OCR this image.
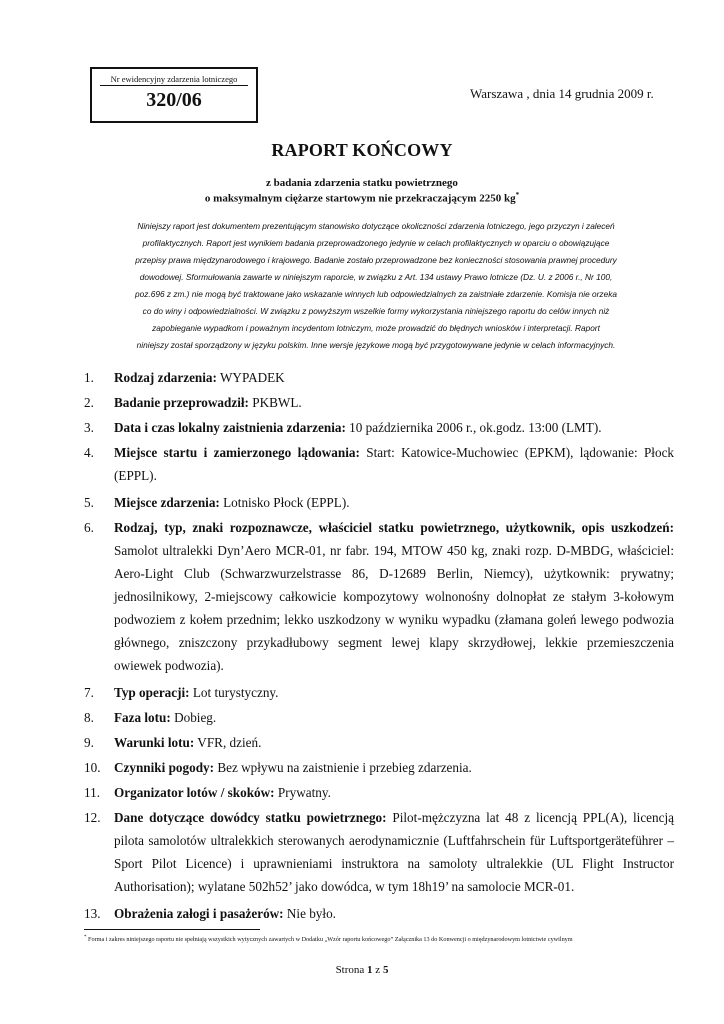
Nr ewidencyjny zdarzenia lotniczego
320/06	Warszawa , dnia 14 grudnia 2009 r.
RAPORT KOŃCOWY
z badania zdarzenia statku powietrznego
o maksymalnym ciężarze startowym nie przekraczającym 2250 kg*

Niniejszy raport jest dokumentem prezentującym stanowisko dotyczące okoliczności zdarzenia lotniczego, jego przyczyn i zaleceń
profilaktycznych. Raport jest wynikiem badania przeprowadzonego jedynie w celach profilaktycznych w oparciu o obowiązujące
przepisy prawa międzynarodowego i krajowego. Badanie zostało przeprowadzone bez konieczności stosowania prawnej procedury
dowodowej. Sformułowania zawarte w niniejszym raporcie, w związku z Art. 134 ustawy Prawo lotnicze (Dz. U. z 2006 r., Nr 100,
poz.696 z zm.) nie mogą być traktowane jako wskazanie winnych lub odpowiedzialnych za zaistniałe zdarzenie. Komisja nie orzeka
co do winy i odpowiedzialności. W związku z powyższym wszelkie formy wykorzystania niniejszego raportu do celów innych niż
zapobieganie wypadkom i poważnym incydentom lotniczym, może prowadzić do błędnych wniosków i interpretacji. Raport
niniejszy został sporządzony w języku polskim. Inne wersje językowe mogą być przygotowywane jedynie w celach informacyjnych.

1. Rodzaj zdarzenia: WYPADEK
2. Badanie przeprowadził: PKBWL.
3. Data i czas lokalny zaistnienia zdarzenia: 10 października 2006 r., ok.godz. 13:00 (LMT).
4. Miejsce startu i zamierzonego lądowania: Start: Katowice-Muchowiec (EPKM), lądowanie: Płock (EPPL).
5. Miejsce zdarzenia: Lotnisko Płock (EPPL).
6. Rodzaj, typ, znaki rozpoznawcze, właściciel statku powietrznego, użytkownik, opis uszkodzeń: Samolot ultralekki Dyn’Aero MCR-01, nr fabr. 194, MTOW 450 kg, znaki rozp. D-MBDG, właściciel: Aero-Light Club (Schwarzwurzelstrasse 86, D-12689 Berlin, Niemcy), użytkownik: prywatny; jednosilnikowy, 2-miejscowy całkowicie kompozytowy wolnonośny dolnopłat ze stałym 3-kołowym podwoziem z kołem przednim; lekko uszkodzony w wyniku wypadku (złamana goleń lewego podwozia głównego, zniszczony przykadłubowy segment lewej klapy skrzydłowej, lekkie przemieszczenia owiewek podwozia).
7. Typ operacji: Lot turystyczny.
8. Faza lotu: Dobieg.
9. Warunki lotu: VFR, dzień.
10. Czynniki pogody: Bez wpływu na zaistnienie i przebieg zdarzenia.
11. Organizator lotów / skoków: Prywatny.
12. Dane dotyczące dowódcy statku powietrznego: Pilot-mężczyzna lat 48 z licencją PPL(A), licencją pilota samolotów ultralekkich sterowanych aerodynamicznie (Luftfahrschein für Luftsportgeräteführer – Sport Pilot Licence) i uprawnieniami instruktora na samoloty ultralekkie (UL Flight Instructor Authorisation); wylatane 502h52’ jako dowódca, w tym 18h19’ na samolocie MCR-01.
13. Obrażenia załogi i pasażerów: Nie było.
* Forma i zakres niniejszego raportu nie spełniają wszystkich wytycznych zawartych w Dodatku „Wzór raportu końcowego” Załącznika 13 do Konwencji o międzynarodowym lotnictwie cywilnym
Strona 1 z 5
